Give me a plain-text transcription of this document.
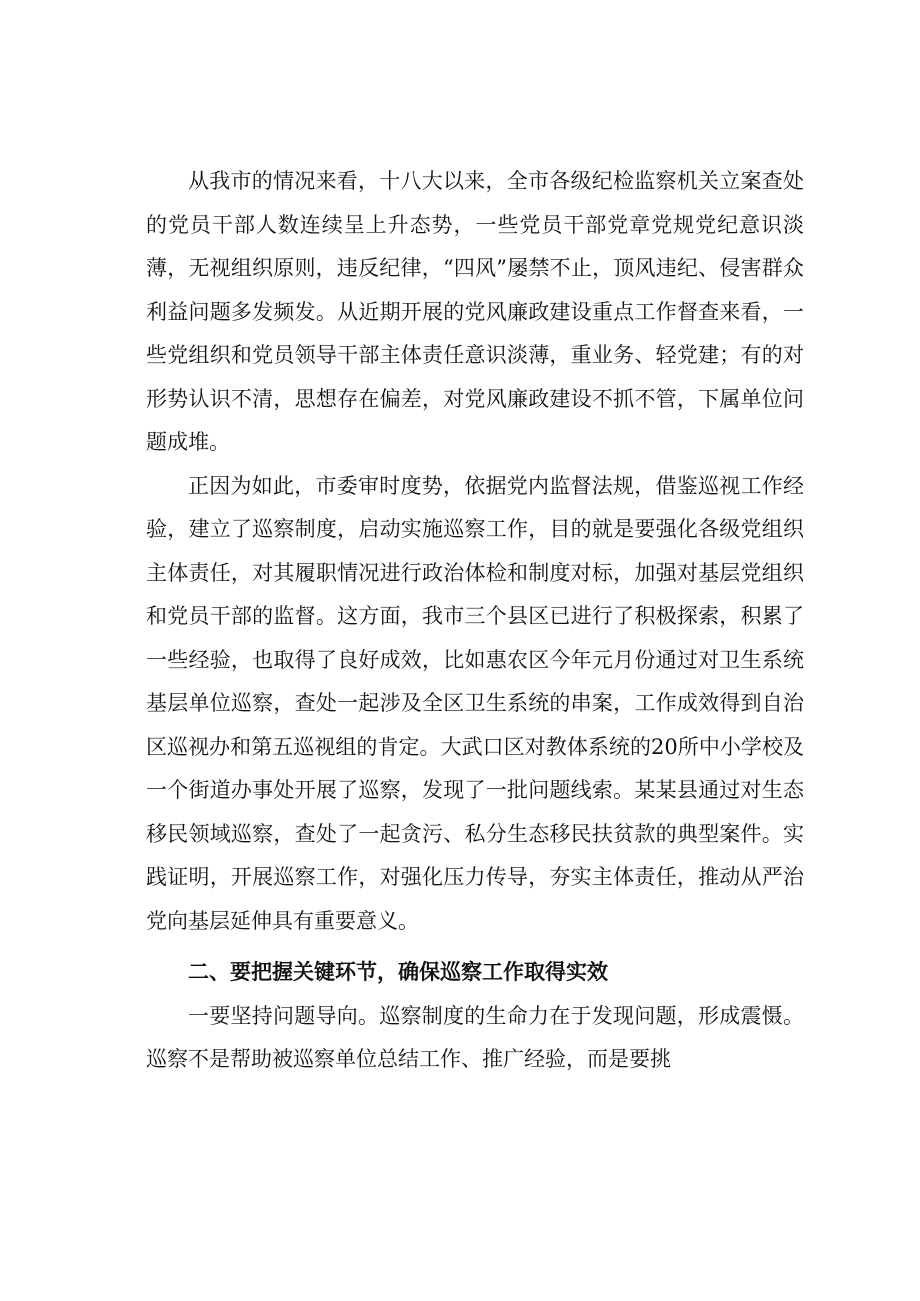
从我市的情况来看，十八大以来，全市各级纪检监察机关立案查处的党员干部人数连续呈上升态势，一些党员干部党章党规党纪意识淡薄，无视组织原则，违反纪律，“四风”屡禁不止，顶风违纪、侵害群众利益问题多发频发。从近期开展的党风廉政建设重点工作督查来看，一些党组织和党员领导干部主体责任意识淡薄，重业务、轻党建；有的对形势认识不清，思想存在偏差，对党风廉政建设不抓不管，下属单位问题成堆。

正因为如此，市委审时度势，依据党内监督法规，借鉴巡视工作经验，建立了巡察制度，启动实施巡察工作，目的就是要强化各级党组织主体责任，对其履职情况进行政治体检和制度对标，加强对基层党组织和党员干部的监督。这方面，我市三个县区已进行了积极探索，积累了一些经验，也取得了良好成效，比如惠农区今年元月份通过对卫生系统基层单位巡察，查处一起涉及全区卫生系统的串案，工作成效得到自治区巡视办和第五巡视组的肯定。大武口区对教体系统的20所中小学校及一个街道办事处开展了巡察，发现了一批问题线索。某某县通过对生态移民领域巡察，查处了一起贪污、私分生态移民扶贫款的典型案件。实践证明，开展巡察工作，对强化压力传导，夯实主体责任，推动从严治党向基层延伸具有重要意义。

二、要把握关键环节，确保巡察工作取得实效

一要坚持问题导向。巡察制度的生命力在于发现问题，形成震慑。巡察不是帮助被巡察单位总结工作、推广经验，而是要挑
